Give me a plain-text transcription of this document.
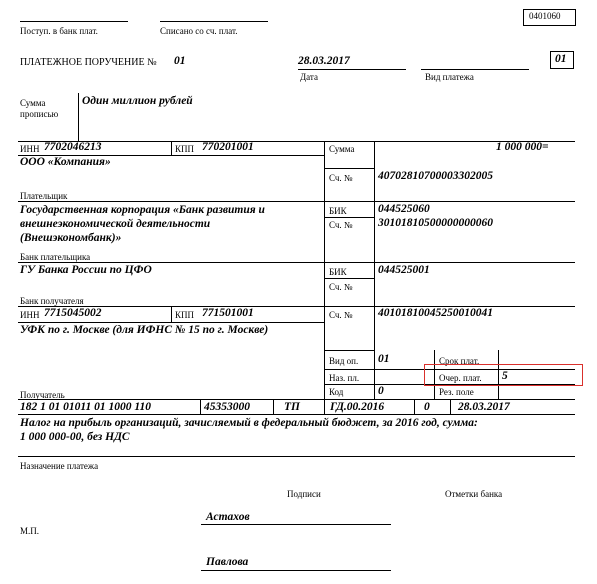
0401060
Поступ. в банк плат.	Списано со сч. плат.
ПЛАТЕЖНОЕ ПОРУЧЕНИЕ № 01	28.03.2017
Дата	Вид платежа
01
Сумма
прописью
Один миллион рублей
ИНН 7702046213	КПП 770201001
ООО «Компания»
Плательщик
Сумма	1 000 000=
Сч. № 40702810700003302005
Государственная корпорация «Банк развития и
внешнеэкономической деятельности
(Внешэкономбанк)»
Банк плательщика
БИК	044525060
Сч. № 30101810500000000060
ГУ Банка России по ЦФО
Банк получателя
БИК	044525001
Сч. №
ИНН 7715045002	КПП 771501001
УФК по г. Москве (для ИФНС № 15 по г. Москве)
Получатель
Сч. № 40101810045250010041
Вид оп. 01
Наз. пл.
Код	0
Срок плат.
Очер. плат. 5
Рез. поле
182 1 01 01011 01 1000 110	45353000	ТП	ГД.00.2016	0 28.03.2017
Налог на прибыль организаций, зачисляемый в федеральный бюджет, за 2016 год, сумма:
1 000 000-00, без НДС
Назначение платежа
Подписи	Отметки банка
М.П.
Астахов
Павлова
